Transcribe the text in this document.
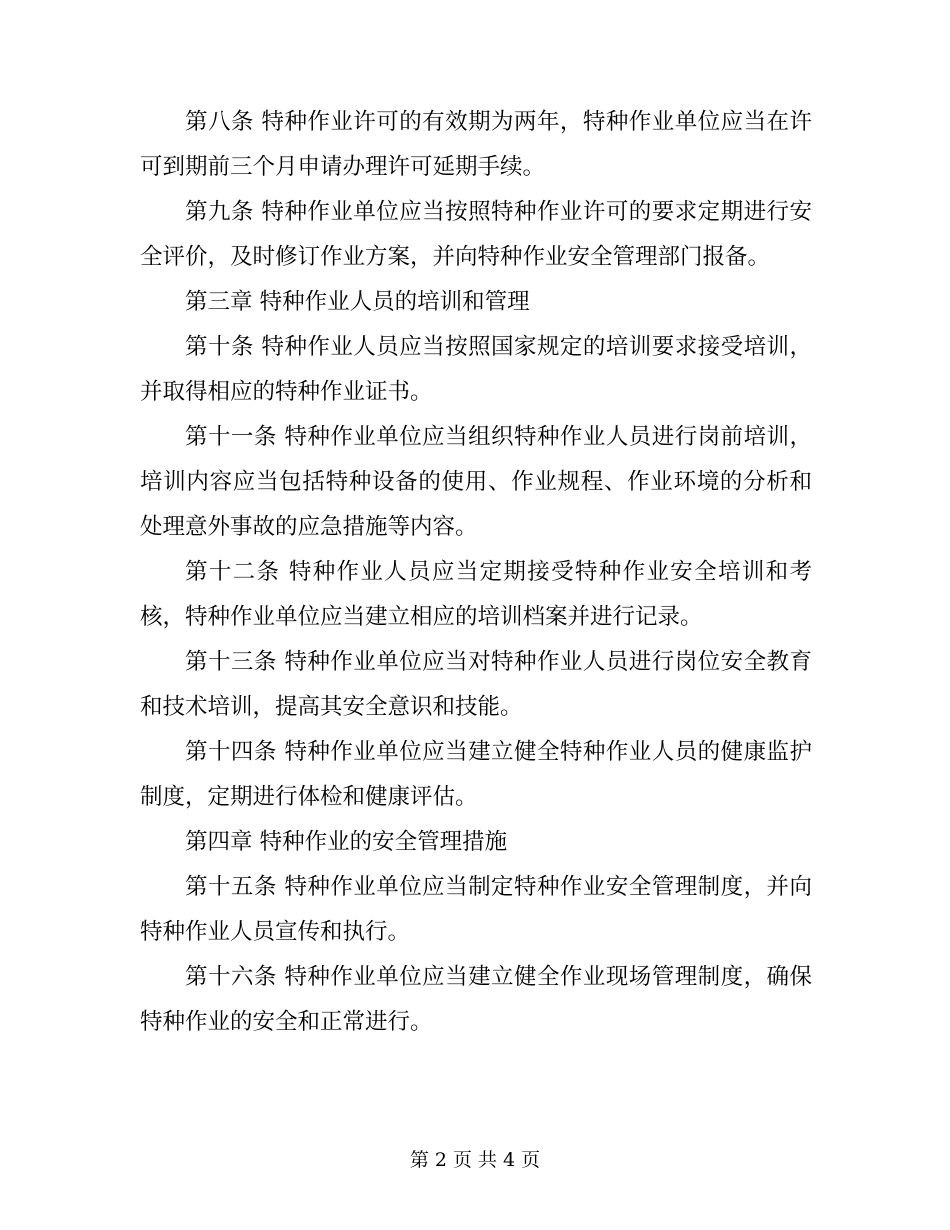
第八条 特种作业许可的有效期为两年，特种作业单位应当在许可到期前三个月申请办理许可延期手续。

第九条 特种作业单位应当按照特种作业许可的要求定期进行安全评价，及时修订作业方案，并向特种作业安全管理部门报备。

第三章 特种作业人员的培训和管理

第十条 特种作业人员应当按照国家规定的培训要求接受培训，并取得相应的特种作业证书。

第十一条 特种作业单位应当组织特种作业人员进行岗前培训，培训内容应当包括特种设备的使用、作业规程、作业环境的分析和处理意外事故的应急措施等内容。

第十二条 特种作业人员应当定期接受特种作业安全培训和考核，特种作业单位应当建立相应的培训档案并进行记录。

第十三条 特种作业单位应当对特种作业人员进行岗位安全教育和技术培训，提高其安全意识和技能。

第十四条 特种作业单位应当建立健全特种作业人员的健康监护制度，定期进行体检和健康评估。

第四章 特种作业的安全管理措施

第十五条 特种作业单位应当制定特种作业安全管理制度，并向特种作业人员宣传和执行。

第十六条 特种作业单位应当建立健全作业现场管理制度，确保特种作业的安全和正常进行。

第 2 页 共 4 页
